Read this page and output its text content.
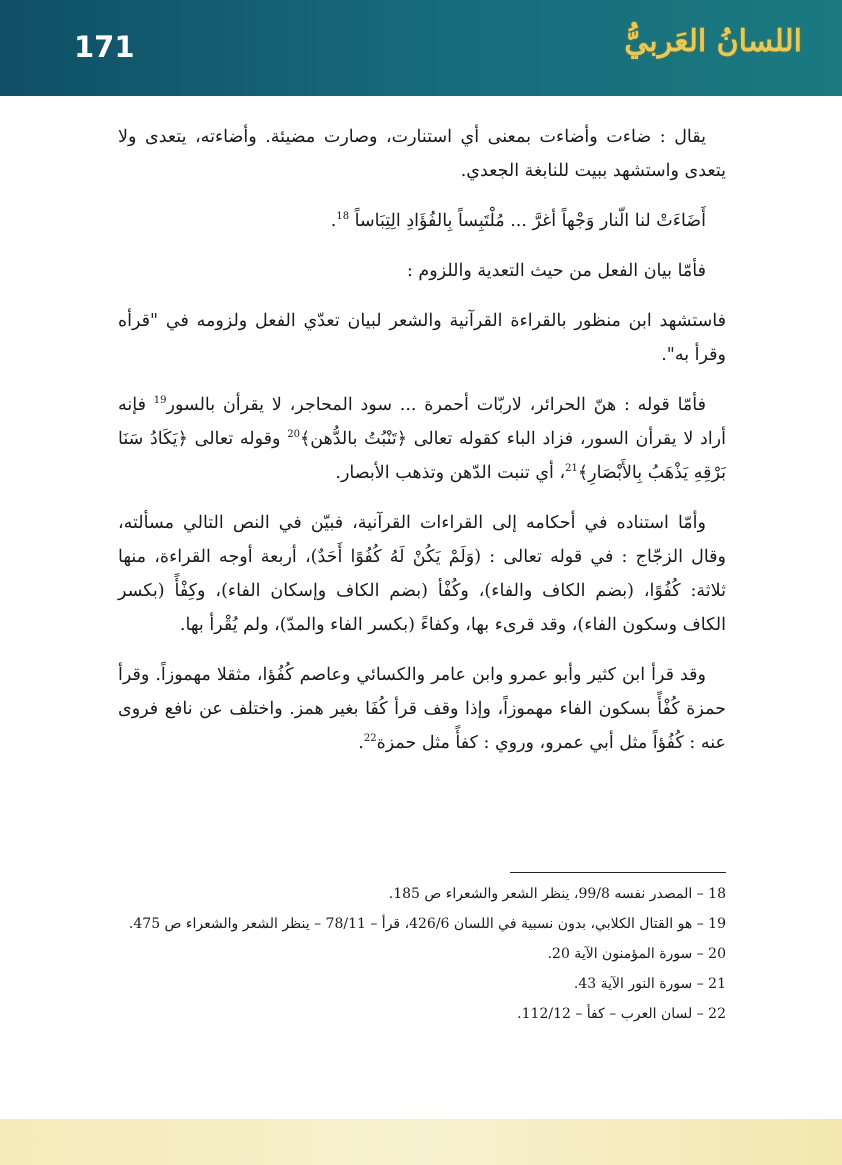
171	اللسانُ العَربيُّ

يقال : ضاءت وأضاءت بمعنى أي استنارت، وصارت مضيئة. وأضاءته، يتعدى ولا يتعدى واستشهد ببيت للنابغة الجعدي.

أَضَاءَتْ لنا الّنار وَجْهاً أغرَّ ... مُلْتَبِساً بِالفُؤَادِ الِتِبَاساً $^{18}$.

فأمّا بيان الفعل من حيث التعدية واللزوم :

فاستشهد ابن منظور بالقراءة القرآنية والشعر لبيان تعدّي الفعل ولزومه في "قرأه وقرأ به".

فأمّا قوله : هنّ الحرائر، لاربّات أحمرة ... سود المحاجر، لا يقرأن بالسور$^{19}$ فإنه أراد لا يقرأن السور، فزاد الباء كقوله تعالى ﴿تَنْبُتُ بالدُّهن﴾$^{20}$ وقوله تعالى ﴿يَكَادُ سَنَا بَرْقِهِ يَذْهَبُ بِالأَبْصَارِ﴾$^{21}$، أي تنبت الدّهن وتذهب الأبصار.

وأمّا استناده في أحكامه إلى القراءات القرآنية، فبيّن في النص التالي مسألته، وقال الزجّاج : في قوله تعالى : (وَلَمْ يَكُنْ لَهُ كُفُوًا أَحَدٌ)، أربعة أوجه القراءة، منها ثلاثة: كُفُوًا، (بضم الكاف والفاء)، وكُفْأ (بضم الكاف وإسكان الفاء)، وكِفْأً (بكسر الكاف وسكون الفاء)، وقد قرىء بها، وكفاءً (بكسر الفاء والمدّ)، ولم يُقْرأ بها.

وقد قرأ ابن كثير وأبو عمرو وابن عامر والكسائي وعاصم كُفُؤا، مثقلا مهموزاً. وقرأ حمزة كُفْأً بسكون الفاء مهموزاً، وإذا وقف قرأ كُفَا بغير همز. واختلف عن نافع فروى عنه : كُفُؤاً مثل أبي عمرو، وروي : كفأً مثل حمزة$^{22}$.

18 – المصدر نفسه 99/8، ينظر الشعر والشعراء ص 185.

19 – هو القتال الكلابي، بدون نسبية في اللسان 426/6، قرأ – 78/11 – ينظر الشعر والشعراء ص 475.

20 – سورة المؤمنون الآية 20.

21 – سورة النور الآية 43.

22 – لسان العرب – كفأ – 112/12.
